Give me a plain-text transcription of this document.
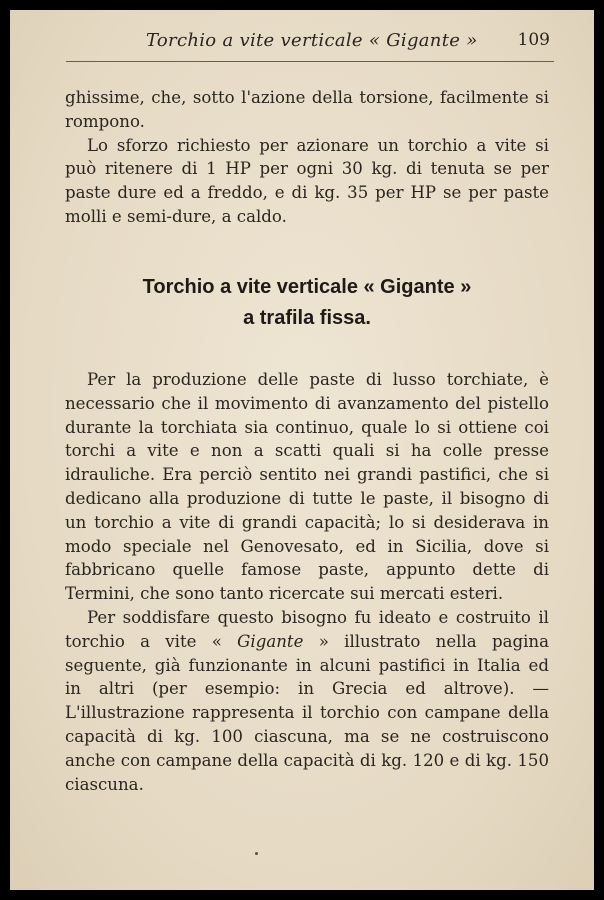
Torchio a vite verticale « Gigante » 109

ghissime, che, sotto l'azione della torsione, facilmente si rompono.

Lo sforzo richiesto per azionare un torchio a vite si può ritenere di 1 HP per ogni 30 kg. di tenuta se per paste dure ed a freddo, e di kg. 35 per HP se per paste molli e semi-dure, a caldo.

Torchio a vite verticale « Gigante »
a trafila fissa.

Per la produzione delle paste di lusso torchiate, è necessario che il movimento di avanzamento del pistello durante la torchiata sia continuo, quale lo si ottiene coi torchi a vite e non a scatti quali si ha colle presse idrauliche. Era perciò sentito nei grandi pastifici, che si dedicano alla produzione di tutte le paste, il bisogno di un torchio a vite di grandi capacità; lo si desiderava in modo speciale nel Genovesato, ed in Sicilia, dove si fabbricano quelle famose paste, appunto dette di Termini, che sono tanto ricercate sui mercati esteri.

Per soddisfare questo bisogno fu ideato e costruito il torchio a vite « Gigante » illustrato nella pagina seguente, già funzionante in alcuni pastifici in Italia ed in altri (per esempio: in Grecia ed altrove). — L'illustrazione rappresenta il torchio con campane della capacità di kg. 100 ciascuna, ma se ne costruiscono anche con campane della capacità di kg. 120 e di kg. 150 ciascuna.
